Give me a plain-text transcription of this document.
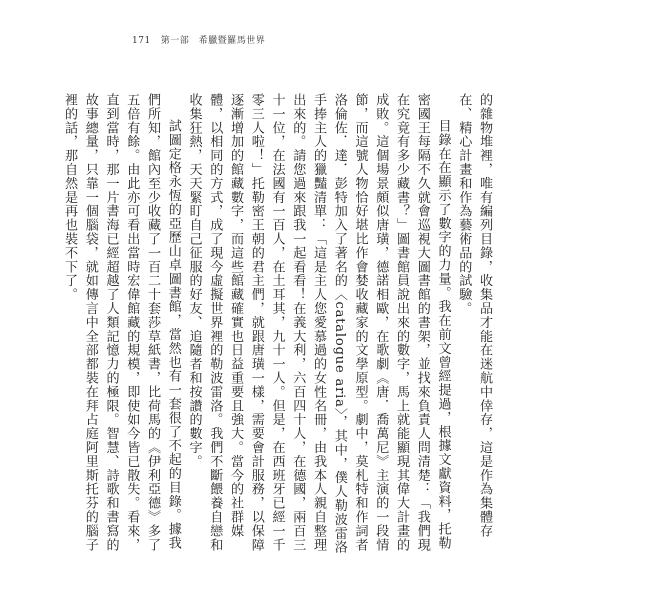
171 第一部　希臘暨羅馬世界

的雜物堆裡，唯有編列目錄，收集品才能在迷航中倖存，這是作為集體存在、精心計畫和作為藝術品的試驗。

目錄在在顯示了數字的力量。我在前文曾經提過，根據文獻資料，托勒密國王每隔不久就會巡視大圖書館的書架，並找來負責人問清楚：「我們現在究竟有多少藏書？」圖書館員說出來的數字，馬上就能顯現其偉大計畫的成敗。這個場景頗似唐璜，德諾相歐，在歌劇《唐．喬萬尼》主演的一段情節，而這號人物恰好堪比作會婪收藏家的文學原型。劇中，莫札特和作詞者洛倫佐．達．彭特加入了著名的〈catalogue aria〉，其中，僕人勒波雷洛手捧主人的獵豔清單：「這是主人您愛慕過的女性名冊，由我本人親自整理出來的。請您過來跟我一起看看！在義大利，六百四十人，在德國，兩百三十一位，在法國有一百人，在土耳其，九十一人。但是，在西班牙已經一千零三人啦！」托勒密王朝的君主們，就跟唐璜一樣，需要會計服務，以保障逐漸增加的館藏數字，而這些館藏確實也日益重要且強大。當今的社群媒體，以相同的方式，成了現今虛擬世界裡的勒波雷洛。我們不斷餵養自戀和收集狂熱，天天緊盯自己征服的好友、追隨者和按讚的數字。

試圖定格永恆的亞歷山卓圖書館，當然也有一套很了不起的目錄。據我們所知，館內至少收藏了一百二十套莎草紙書，比荷馬的《伊利亞德》多了五倍有餘。由此亦可看出當時宏偉館藏的規模，即使如今皆已散失。看來，直到當時，那一片書海已經超越了人類記憶力的極限。智慧、詩歌和書寫的故事總量，只靠一個腦袋，就如傳言中全部都裝在拜占庭阿里斯托芬的腦子裡的話，那自然是再也裝不下了。
